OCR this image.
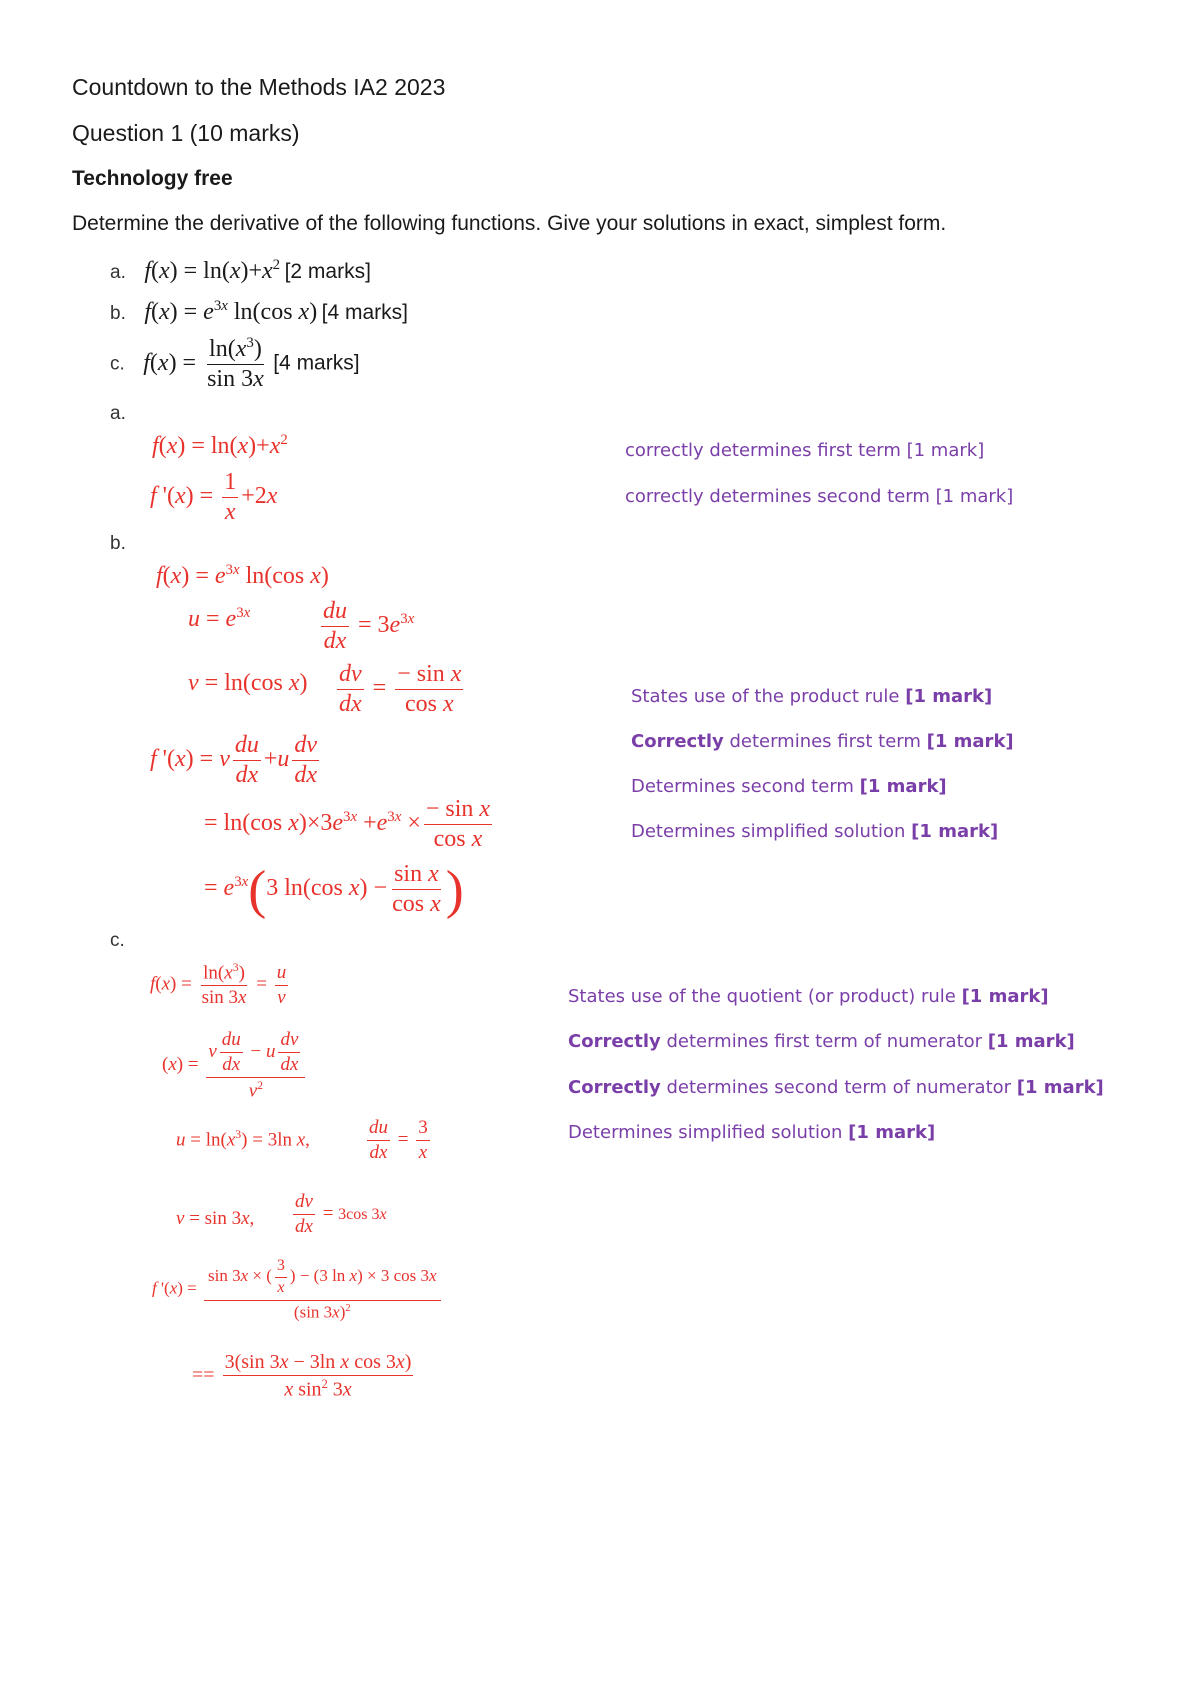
Countdown to the Methods IA2 2023
Question 1 (10 marks)
Technology free
Determine the derivative of the following functions. Give your solutions in exact, simplest form.
a. $f(x) = \ln(x)+x^2$ [2 marks]
b. $f(x) = e^{3x}$ ln(cos x) [4 marks]
c. $f(x) = \frac{\ln(x^3)}{\sin 3x} [4$ marks]
a.
$f(x) = \ln(x)+x^2$
f '$(x) = \frac{1}{x} +2x$
b.
$f(x) = e^{3x}$ ln(cos x)
$u = e^{3x}$	$\frac{du}{dx} = 3e^{3x}$
v = ln(cos $x) \frac{dv}{dx} = \frac{\text{− sin x}}{\text{cos x}}$
f '(x) = v $\frac{du}{dx} +u \frac{dv}{dx}$
= ln(cos $x)\times 3e^{3x} +e^{3x} \times \frac{\text{− sin x}}{\text{cos x}}$
= $e^{3x}(3$ ln(cos $x) - \frac{\text{sin x}}{\text{cos x}}$ )
c.
$f(x) = \frac{\ln(x^3)}{\sin 3x} = \frac{u}{v}$
$(x) = \frac{v \frac{du}{dx} - u \frac{dv}{dx}}{v^2}$
$u = \ln(x^3) = 3\ln$ x,	$\frac{du}{dx} = \frac{3}{x}$
v = sin 3x, $\frac{dv}{dx} = 3\cos$ 3x
f '$(x) = \frac{\sin 3x \times ( \frac{3}{x} ) - (3 \ln x) \times 3 \cos 3x}{(\sin 3x)^2}$
== $\frac{\text{3(sin 3x − 3ln x cos 3x)}}{x \sin^2 3x}$
correctly determines first term [1 mark]
correctly determines second term [1 mark]
States use of the product rule [1 mark]
Correctly determines first term [1 mark]
Determines second term [1 mark]
Determines simplified solution [1 mark]
States use of the quotient (or product) rule [1 mark]
Correctly determines first term of numerator [1 mark]
Correctly determines second term of numerator [1 mark]
Determines simplified solution [1 mark]
